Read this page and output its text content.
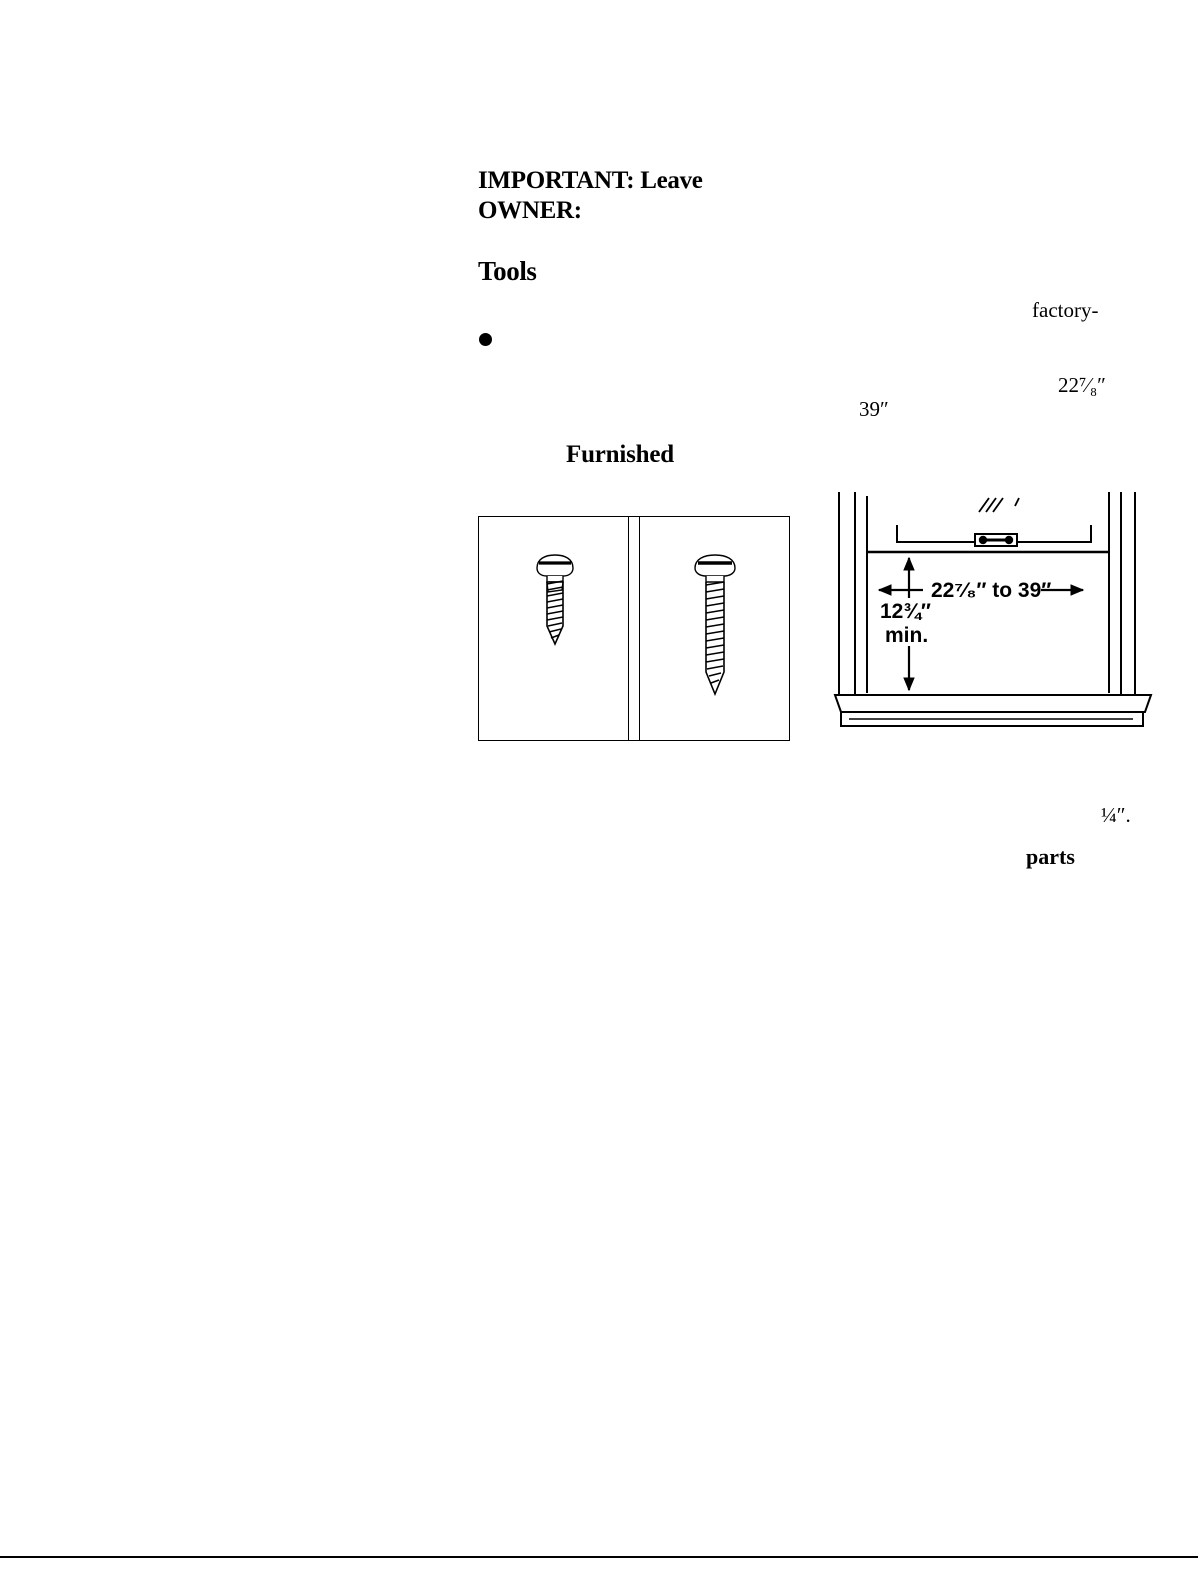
IMPORTANT: Leave
OWNER:
Tools
factory-
22⁷⁄₈″
39″
Furnished
22⁷⁄₈″ to 39″
12¾″
min.
¼″.
parts
